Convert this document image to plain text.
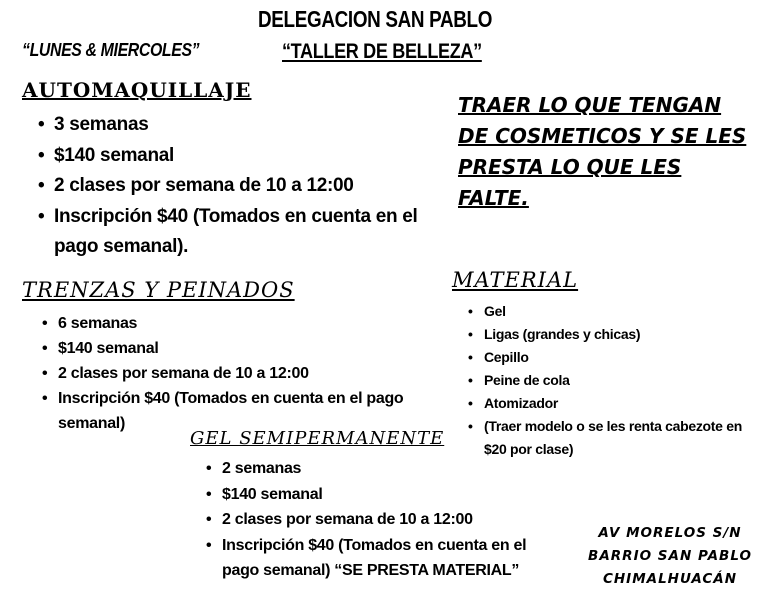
DELEGACION SAN PABLO
“LUNES & MIERCOLES”	“TALLER DE BELLEZA”
AUTOMAQUILLAJE
• 3 semanas
• $140 semanal
• 2 clases por semana de 10 a 12:00
• Inscripción $40 (Tomados en cuenta en el pago semanal).
TRAER LO QUE TENGAN DE COSMETICOS Y SE LES PRESTA LO QUE LES FALTE.
TRENZAS Y PEINADOS
• 6 semanas
• $140 semanal
• 2 clases por semana de 10 a 12:00
• Inscripción $40 (Tomados en cuenta en el pago semanal)
MATERIAL
• Gel
• Ligas (grandes y chicas)
• Cepillo
• Peine de cola
• Atomizador
• (Traer modelo o se les renta cabezote en $20 por clase)
GEL SEMIPERMANENTE
• 2 semanas
• $140 semanal
• 2 clases por semana de 10 a 12:00
• Inscripción $40 (Tomados en cuenta en el pago semanal) “SE PRESTA MATERIAL”
AV MORELOS S/N
BARRIO SAN PABLO
CHIMALHUACÁN
